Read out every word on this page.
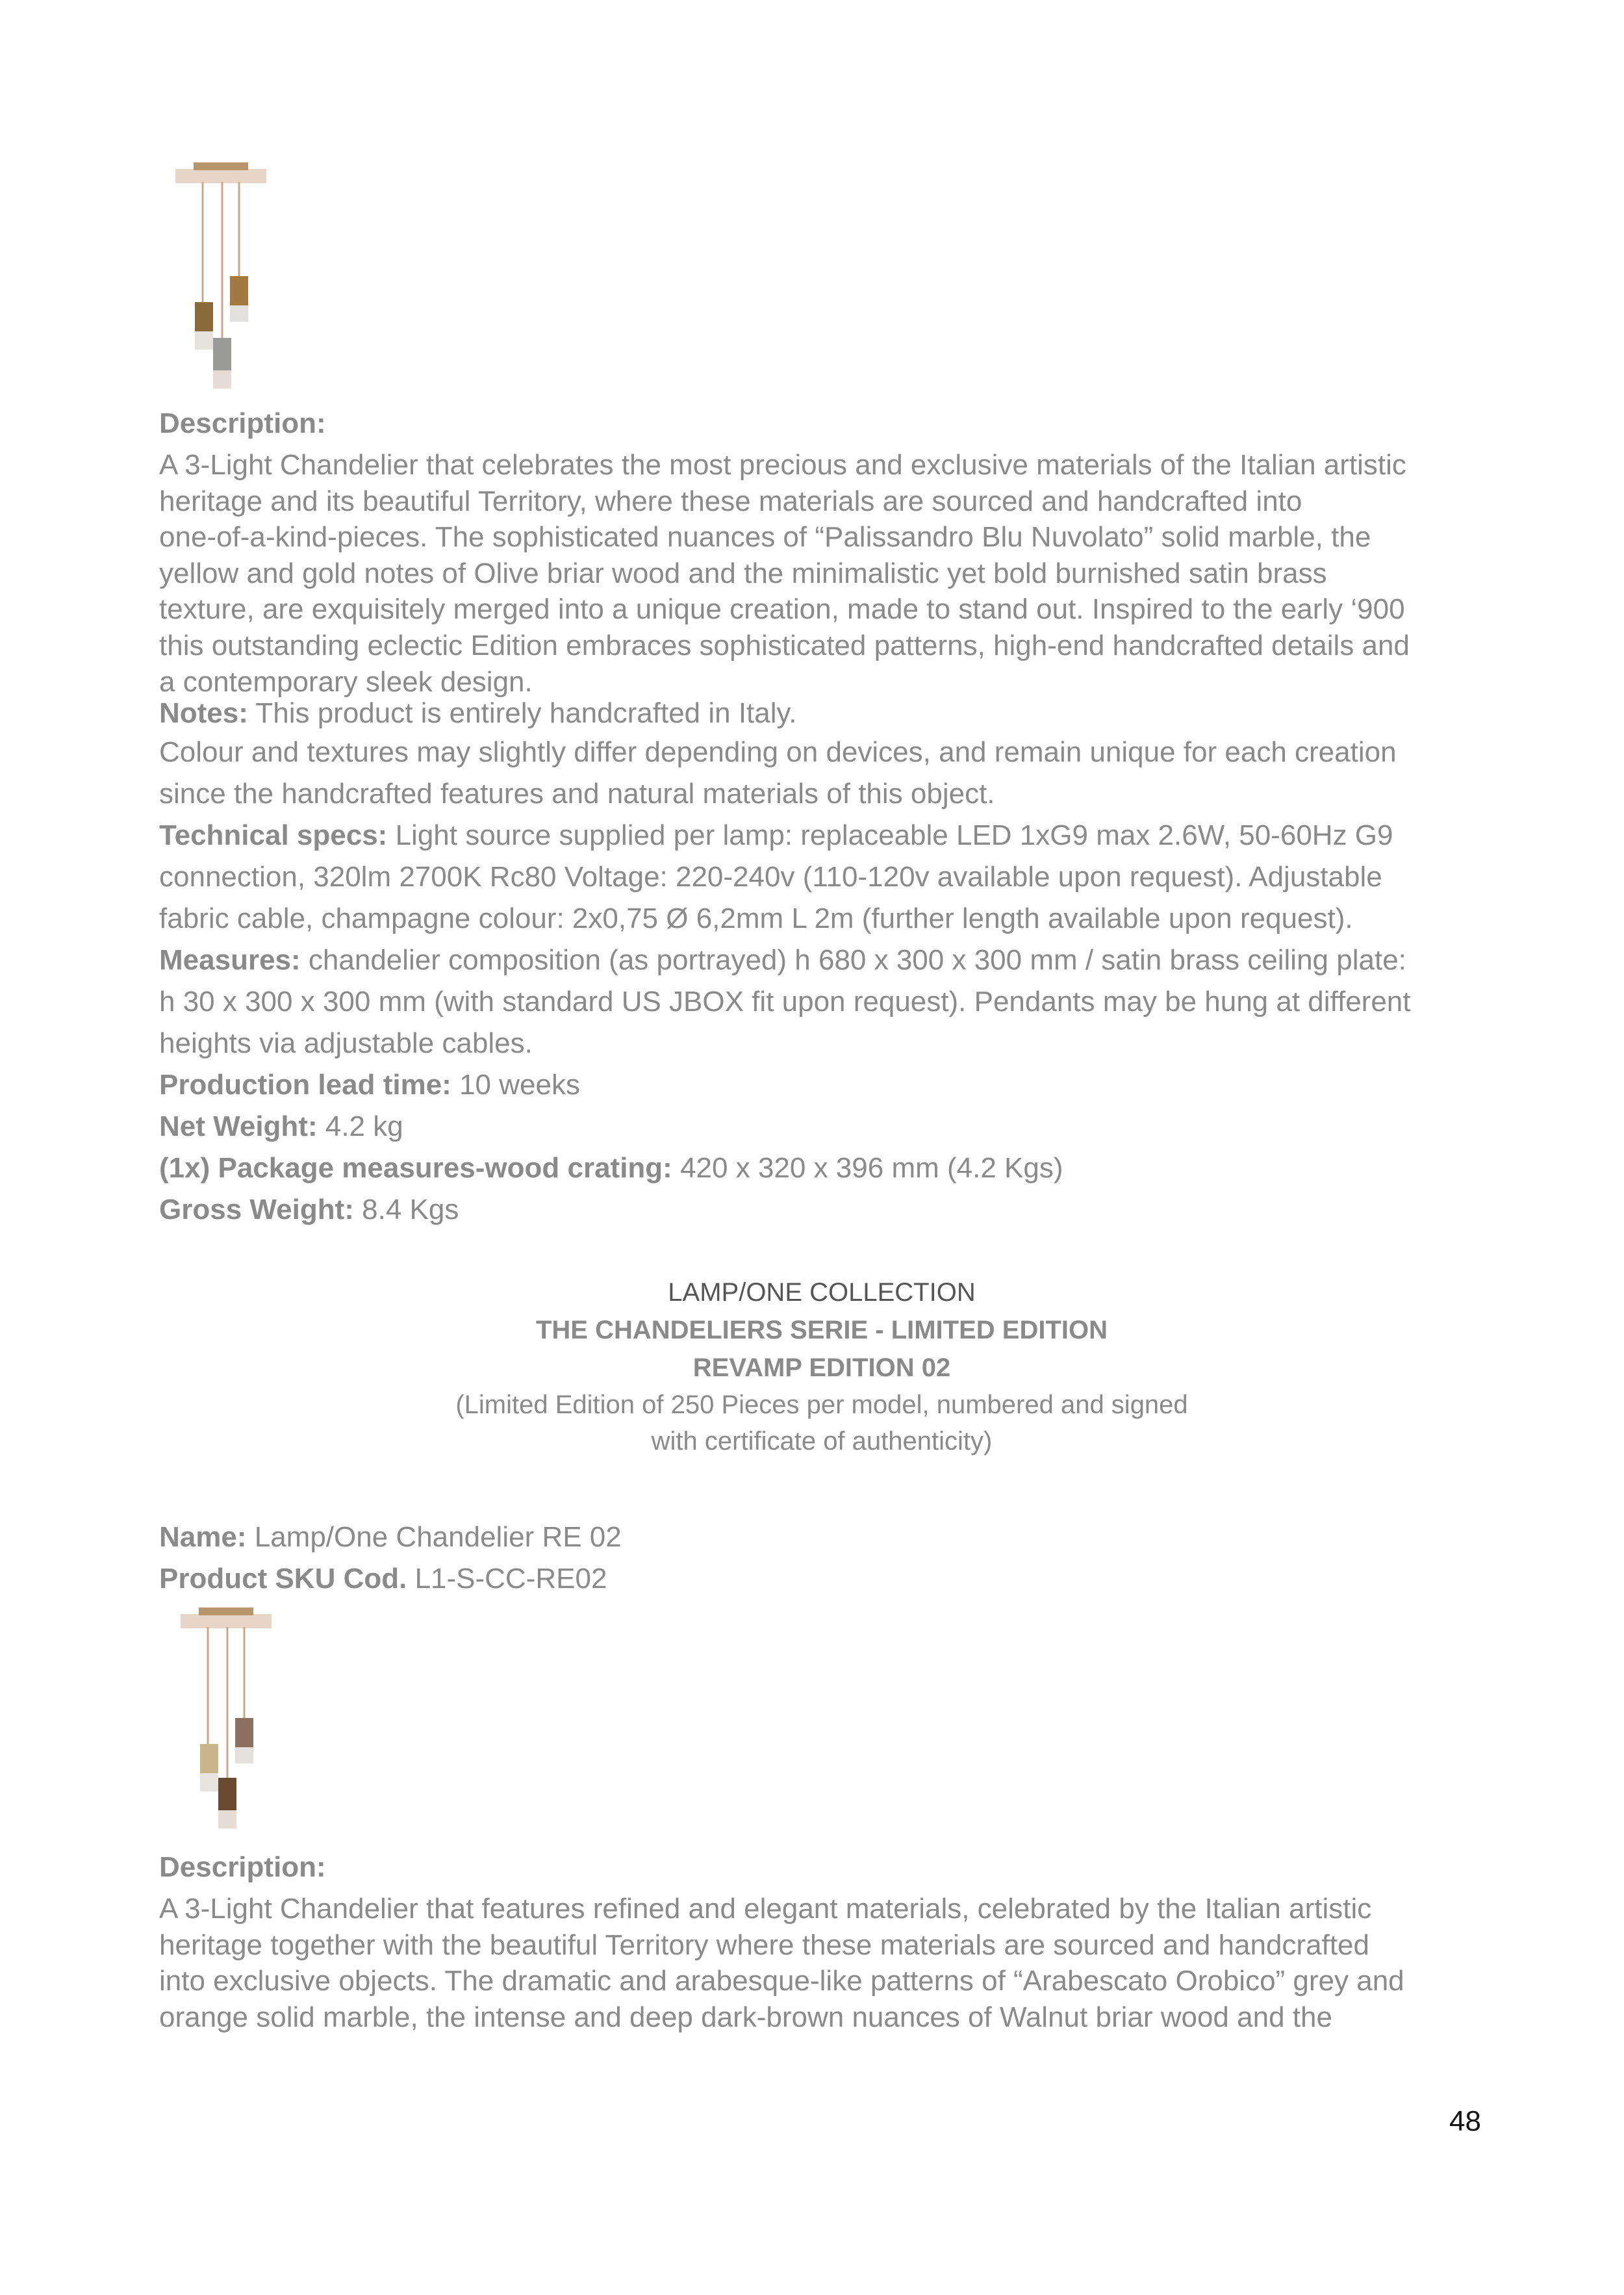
Description:
A 3-Light Chandelier that celebrates the most precious and exclusive materials of the Italian artistic
heritage and its beautiful Territory, where these materials are sourced and handcrafted into
one-of-a-kind-pieces. The sophisticated nuances of “Palissandro Blu Nuvolato” solid marble, the
yellow and gold notes of Olive briar wood and the minimalistic yet bold burnished satin brass
texture, are exquisitely merged into a unique creation, made to stand out. Inspired to the early ‘900
this outstanding eclectic Edition embraces sophisticated patterns, high-end handcrafted details and
a contemporary sleek design.
Notes: This product is entirely handcrafted in Italy.
Colour and textures may slightly differ depending on devices, and remain unique for each creation
since the handcrafted features and natural materials of this object.
Technical specs: Light source supplied per lamp: replaceable LED 1xG9 max 2.6W, 50-60Hz G9
connection, 320lm 2700K Rc80 Voltage: 220-240v (110-120v available upon request). Adjustable
fabric cable, champagne colour: 2x0,75 Ø 6,2mm L 2m (further length available upon request).
Measures: chandelier composition (as portrayed) h 680 x 300 x 300 mm / satin brass ceiling plate:
h 30 x 300 x 300 mm (with standard US JBOX fit upon request). Pendants may be hung at different
heights via adjustable cables.
Production lead time: 10 weeks
Net Weight: 4.2 kg
(1x) Package measures-wood crating: 420 x 320 x 396 mm (4.2 Kgs)
Gross Weight: 8.4 Kgs
LAMP/ONE COLLECTION
THE CHANDELIERS SERIE - LIMITED EDITION
REVAMP EDITION 02
(Limited Edition of 250 Pieces per model, numbered and signed
with certificate of authenticity)
Name: Lamp/One Chandelier RE 02
Product SKU Cod. L1-S-CC-RE02
Description:
A 3-Light Chandelier that features refined and elegant materials, celebrated by the Italian artistic
heritage together with the beautiful Territory where these materials are sourced and handcrafted
into exclusive objects. The dramatic and arabesque-like patterns of “Arabescato Orobico” grey and
orange solid marble, the intense and deep dark-brown nuances of Walnut briar wood and the
48
